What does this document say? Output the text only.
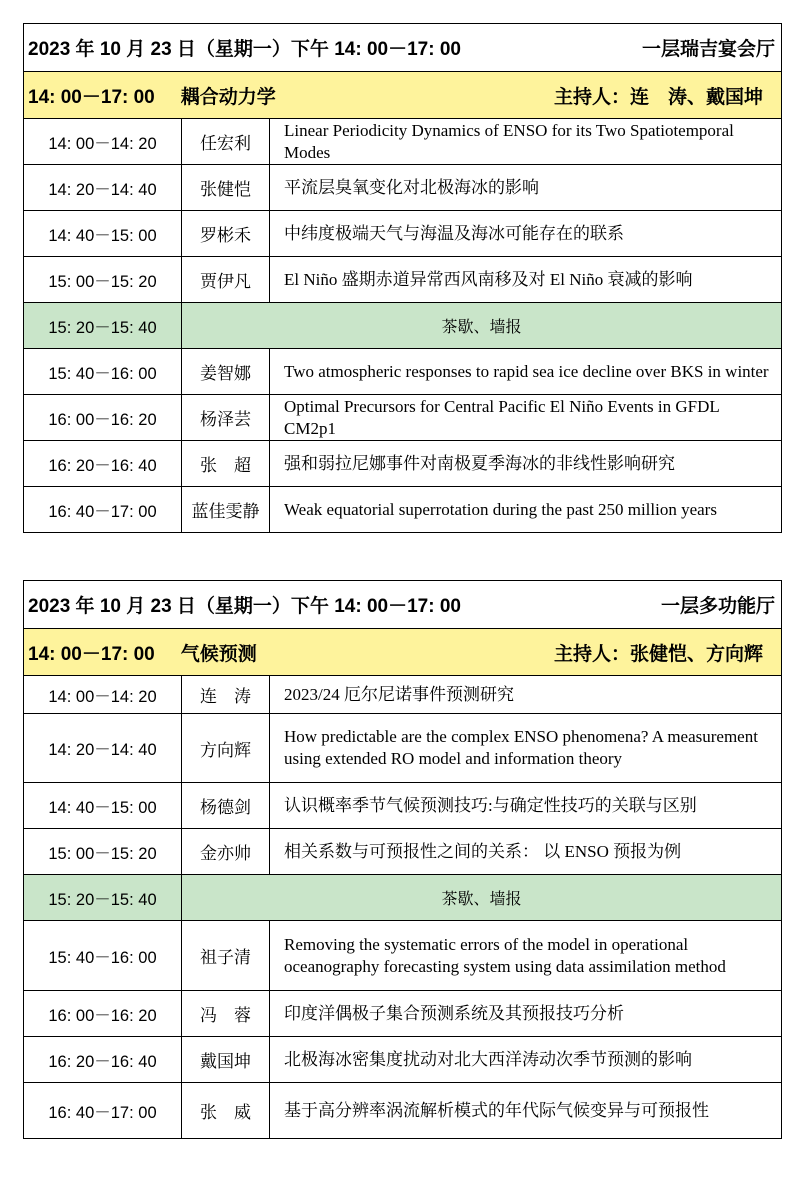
2023 年 10 月 23 日（星期一）下午 14: 00－17: 00 一层瑞吉宴会厅		

14: 00－17: 00 耦合动力学 主持人：连　涛、戴国坤		

14: 00－14: 20	任宏利	Linear Periodicity Dynamics of ENSO for its Two Spatiotemporal Modes
14: 20－14: 40	张健恺	平流层臭氧变化对北极海冰的影响
14: 40－15: 00	罗彬禾	中纬度极端天气与海温及海冰可能存在的联系
15: 00－15: 20	贾伊凡	El Niño 盛期赤道异常西风南移及对 El Niño 衰减的影响
15: 20－15: 40	茶歇、墙报	
15: 40－16: 00	姜智娜	Two atmospheric responses to rapid sea ice decline over BKS in winter
16: 00－16: 20	杨泽芸	Optimal Precursors for Central Pacific El Niño Events in GFDL CM2p1
16: 20－16: 40	张　超	强和弱拉尼娜事件对南极夏季海冰的非线性影响研究
16: 40－17: 00	蓝佳雯静	Weak equatorial superrotation during the past 250 million years
2023 年 10 月 23 日（星期一）下午 14: 00－17: 00 一层多功能厅		

14: 00－17: 00 气候预测 主持人：张健恺、方向辉		

14: 00－14: 20	连　涛	2023/24 厄尔尼诺事件预测研究
14: 20－14: 40	方向辉	How predictable are the complex ENSO phenomena? A measurement using extended RO model and information theory
14: 40－15: 00	杨德剑	认识概率季节气候预测技巧:与确定性技巧的关联与区别
15: 00－15: 20	金亦帅	相关系数与可预报性之间的关系： 以 ENSO 预报为例
15: 20－15: 40	茶歇、墙报	
15: 40－16: 00	祖子清	Removing the systematic errors of the model in operational oceanography forecasting system using data assimilation method
16: 00－16: 20	冯　蓉	印度洋偶极子集合预测系统及其预报技巧分析
16: 20－16: 40	戴国坤	北极海冰密集度扰动对北大西洋涛动次季节预测的影响
16: 40－17: 00	张　威	基于高分辨率涡流解析模式的年代际气候变异与可预报性
